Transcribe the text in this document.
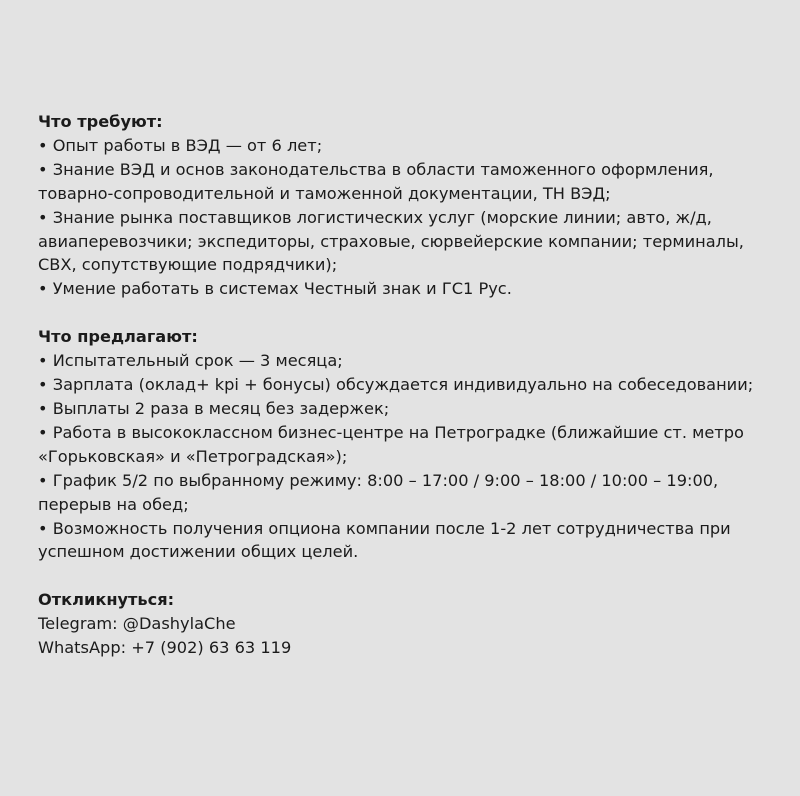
Что требуют:
• Опыт работы в ВЭД — от 6 лет;
• Знание ВЭД и основ законодательства в области таможенного оформления,
товарно-сопроводительной и таможенной документации, ТН ВЭД;
• Знание рынка поставщиков логистических услуг (морские линии; авто, ж/д,
авиаперевозчики; экспедиторы, страховые, сюрвейерские компании; терминалы,
СВХ, сопутствующие подрядчики);
• Умение работать в системах Честный знак и ГС1 Рус.
Что предлагают:
• Испытательный срок — 3 месяца;
• Зарплата (оклад+ kpi + бонусы) обсуждается индивидуально на собеседовании;
• Выплаты 2 раза в месяц без задержек;
• Работа в высококлассном бизнес-центре на Петроградке (ближайшие ст. метро
«Горьковская» и «Петроградская»);
• График 5/2 по выбранному режиму: 8:00 – 17:00 / 9:00 – 18:00 / 10:00 – 19:00,
перерыв на обед;
• Возможность получения опциона компании после 1-2 лет сотрудничества при
успешном достижении общих целей.
Откликнуться:
Telegram: @DashylaChe
WhatsApp: +7 (902) 63 63 119
